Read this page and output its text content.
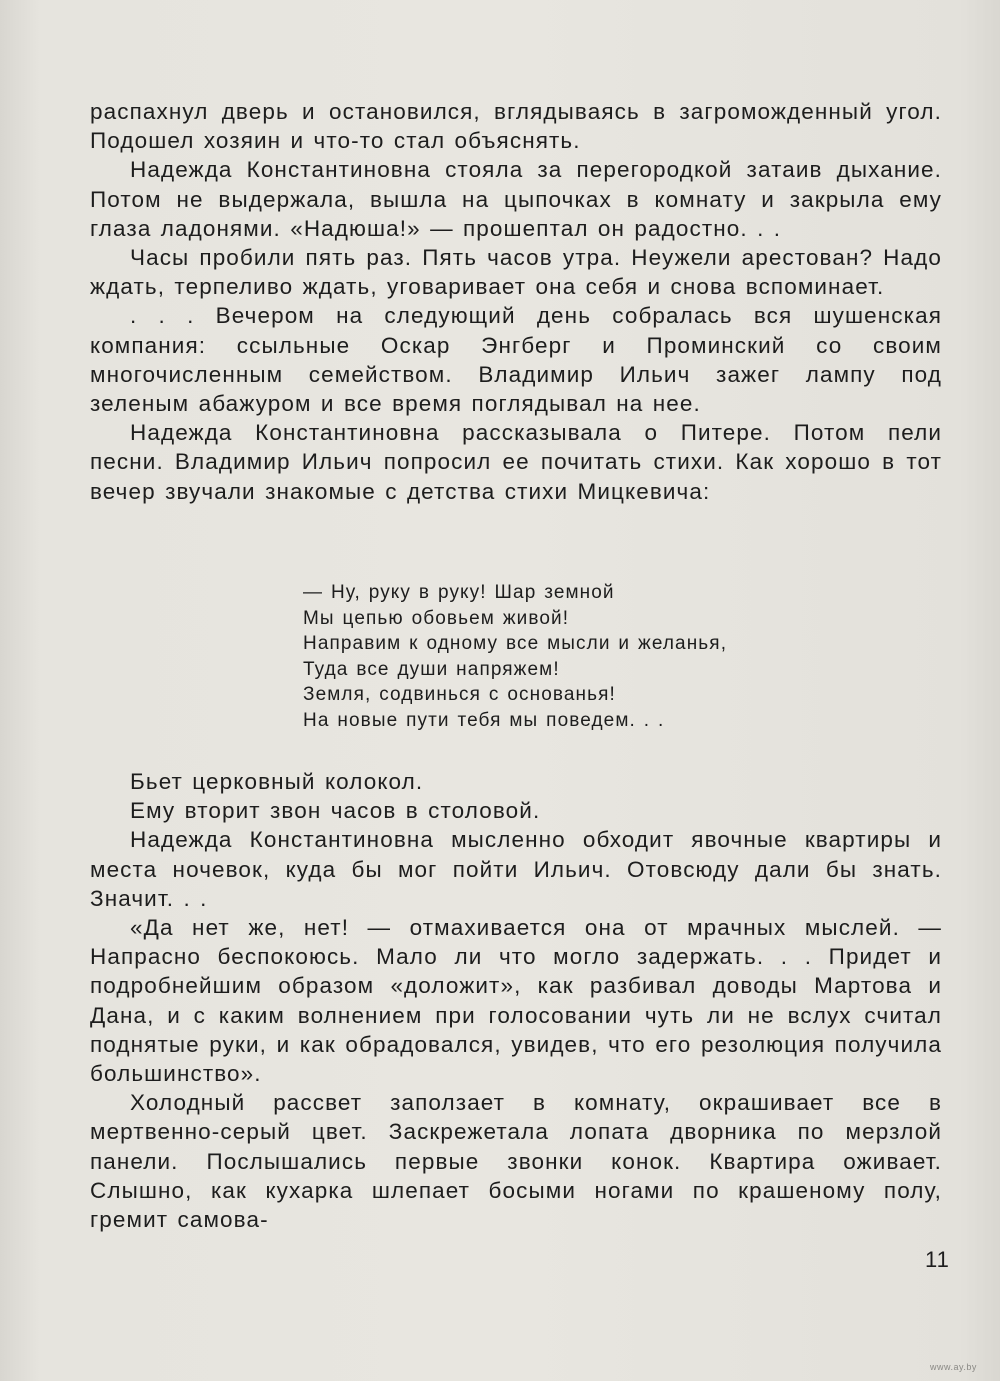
распахнул дверь и остановился, вглядываясь в загроможденный угол. Подошел хозяин и что-то стал объяснять.

Надежда Константиновна стояла за перегородкой затаив дыхание. Потом не выдержала, вышла на цыпочках в комнату и закрыла ему глаза ладонями. «Надюша!» — прошептал он радостно. . .

Часы пробили пять раз. Пять часов утра. Неужели арестован? Надо ждать, терпеливо ждать, уговаривает она себя и снова вспоминает.

. . . Вечером на следующий день собралась вся шушенская компания: ссыльные Оскар Энгберг и Проминский со своим многочисленным семейством. Владимир Ильич зажег лампу под зеленым абажуром и все время поглядывал на нее.

Надежда Константиновна рассказывала о Питере. Потом пели песни. Владимир Ильич попросил ее почитать стихи. Как хорошо в тот вечер звучали знакомые с детства стихи Мицкевича:

— Ну, руку в руку! Шар земной
Мы цепью обовьем живой!
Направим к одному все мысли и желанья,
Туда все души напряжем!
Земля, содвинься с основанья!
На новые пути тебя мы поведем. . .

Бьет церковный колокол.

Ему вторит звон часов в столовой.

Надежда Константиновна мысленно обходит явочные квартиры и места ночевок, куда бы мог пойти Ильич. Отовсюду дали бы знать. Значит. . .

«Да нет же, нет! — отмахивается она от мрачных мыслей. — Напрасно беспокоюсь. Мало ли что могло задержать. . . Придет и подробнейшим образом «доложит», как разбивал доводы Мартова и Дана, и с каким волнением при голосовании чуть ли не вслух считал поднятые руки, и как обрадовался, увидев, что его резолюция получила большинство».

Холодный рассвет заползает в комнату, окрашивает все в мертвенно-серый цвет. Заскрежетала лопата дворника по мерзлой панели. Послышались первые звонки конок. Квартира оживает. Слышно, как кухарка шлепает босыми ногами по крашеному полу, гремит самова-

11
www.ay.by
